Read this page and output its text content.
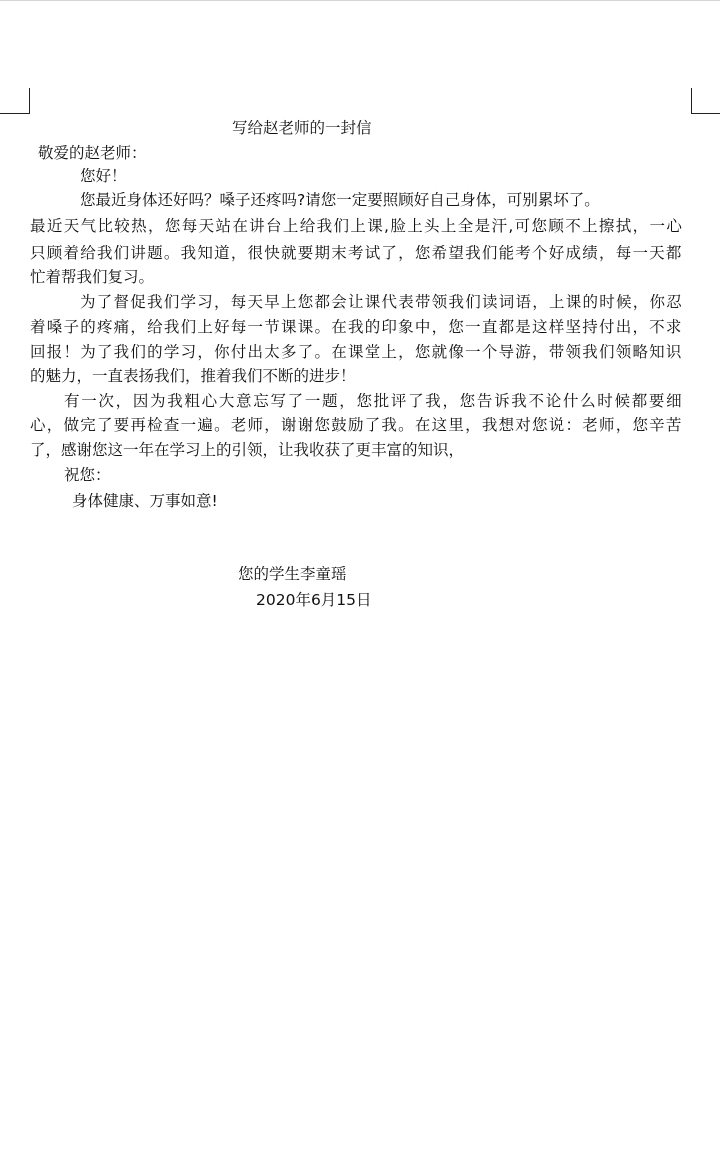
写给赵老师的一封信
敬爱的赵老师：
您好！
您最近身体还好吗？嗓子还疼吗?请您一定要照顾好自己身体，可别累坏了。
最 近 天 气 比 较 热 ， 您 每 天 站 在 讲 台 上 给 我 们 上 课 , 脸 上 头 上 全 是 汗 , 可 您 顾 不 上 擦 拭 ， 一 心
只 顾 着 给 我 们 讲 题 。 我 知 道 ， 很 快 就 要 期 末 考 试 了 ， 您 希 望 我 们 能 考 个 好 成 绩 ， 每 一 天 都
忙着帮我们复习。
为 了 督 促 我 们 学 习 ， 每 天 早 上 您 都 会 让 课 代 表 带 领 我 们 读 词 语 ， 上 课 的 时 候 ， 你 忍
着 嗓 子 的 疼 痛 ， 给 我 们 上 好 每 一 节 课 课 。 在 我 的 印 象 中 ， 您 一 直 都 是 这 样 坚 持 付 出 ， 不 求
回 报 ！ 为 了 我 们 的 学 习 ， 你 付 出 太 多 了 。 在 课 堂 上 ， 您 就 像 一 个 导 游 ， 带 领 我 们 领 略 知 识
的魅力，一直表扬我们，推着我们不断的进步！
有 一 次 ， 因 为 我 粗 心 大 意 忘 写 了 一 题 ， 您 批 评 了 我 ， 您 告 诉 我 不 论 什 么 时 候 都 要 细
心 ， 做 完 了 要 再 检 查 一 遍 。 老 师 ， 谢 谢 您 鼓 励 了 我 。 在 这 里 ， 我 想 对 您 说 ： 老 师 ， 您 辛 苦
了，感谢您这一年在学习上的引领，让我收获了更丰富的知识，
祝您：
身体健康、万事如意!
您的学生李童瑶
2020年6月15日
